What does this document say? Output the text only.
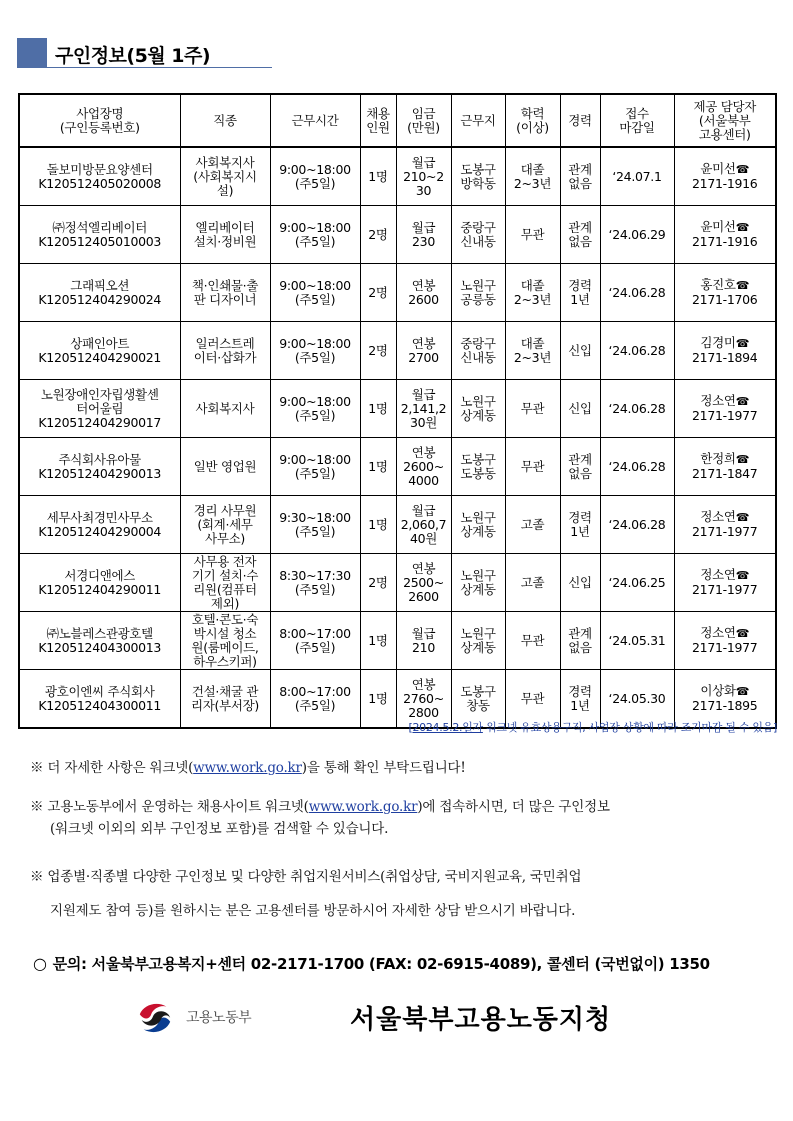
구인정보(5월 1주)
사업장명
(구인등록번호)	직종	근무시간	채용
인원	임금
(만원)	근무지	학력
(이상)	경력	접수
마감일	제공 담당자
(서울북부
고용센터)

돌보미방문요양센터
K120512405020008	사회복지사
(사회복지시
설)	9:00~18:00
(주5일)	1명	월급
210~2
30	도봉구
방학동	대졸
2~3년	관계
없음	‘24.07.1	윤미선☎
2171-1916

㈜정석엘리베이터
K120512405010003	엘리베이터
설치·정비원	9:00~18:00
(주5일)	2명	월급
230	중랑구
신내동	무관	관계
없음	‘24.06.29	윤미선☎
2171-1916

그래픽오션
K120512404290024	책·인쇄물·출
판 디자이너	9:00~18:00
(주5일)	2명	연봉
2600	노원구
공릉동	대졸
2~3년	경력
1년	‘24.06.28	홍진호☎
2171-1706

상패인아트
K120512404290021	일러스트레
이터·삽화가	9:00~18:00
(주5일)	2명	연봉
2700	중랑구
신내동	대졸
2~3년	신입	‘24.06.28	김경미☎
2171-1894

노원장애인자립생활센
터어울림
K120512404290017	사회복지사	9:00~18:00
(주5일)	1명	월급
2,141,2
30원	노원구
상계동	무관	신입	‘24.06.28	정소연☎
2171-1977

주식회사유아물
K120512404290013	일반 영업원	9:00~18:00
(주5일)	1명	연봉
2600~
4000	도봉구
도봉동	무관	관계
없음	‘24.06.28	한정희☎
2171-1847

세무사최경민사무소
K120512404290004	경리 사무원
(회계·세무
사무소)	9:30~18:00
(주5일)	1명	월급
2,060,7
40원	노원구
상계동	고졸	경력
1년	‘24.06.28	정소연☎
2171-1977

서경디앤에스
K120512404290011	사무용 전자
기기 설치·수
리원(컴퓨터
제외)	8:30~17:30
(주5일)	2명	연봉
2500~
2600	노원구
상계동	고졸	신입	‘24.06.25	정소연☎
2171-1977

㈜노블레스관광호텔
K120512404300013	호텔·콘도·숙
박시설 청소
원(룸메이드,
하우스키퍼)	8:00~17:00
(주5일)	1명	월급
210	노원구
상계동	무관	관계
없음	‘24.05.31	정소연☎
2171-1977

광호이엔씨 주식회사
K120512404300011	건설·채굴 관
리자(부서장)	8:00~17:00
(주5일)	1명	연봉
2760~
2800	도봉구
창동	무관	경력
1년	‘24.05.30	이상화☎
2171-1895
[2024.5.2.일자 워크넷 유효상용구직, 사업장 상황에 따라 조기마감 될 수 있음]
※ 더 자세한 사항은 워크넷(www.work.go.kr)을 통해 확인 부탁드립니다!
※ 고용노동부에서 운영하는 채용사이트 워크넷(www.work.go.kr)에 접속하시면, 더 많은 구인정보
(워크넷 이외의 외부 구인정보 포함)를 검색할 수 있습니다.
※ 업종별·직종별 다양한 구인정보 및 다양한 취업지원서비스(취업상담, 국비지원교육, 국민취업
지원제도 참여 등)를 원하시는 분은 고용센터를 방문하시어 자세한 상담 받으시기 바랍니다.
○ 문의: 서울북부고용복지+센터 02-2171-1700 (FAX: 02-6915-4089), 콜센터 (국번없이) 1350
고용노동부	서울북부고용노동지청
